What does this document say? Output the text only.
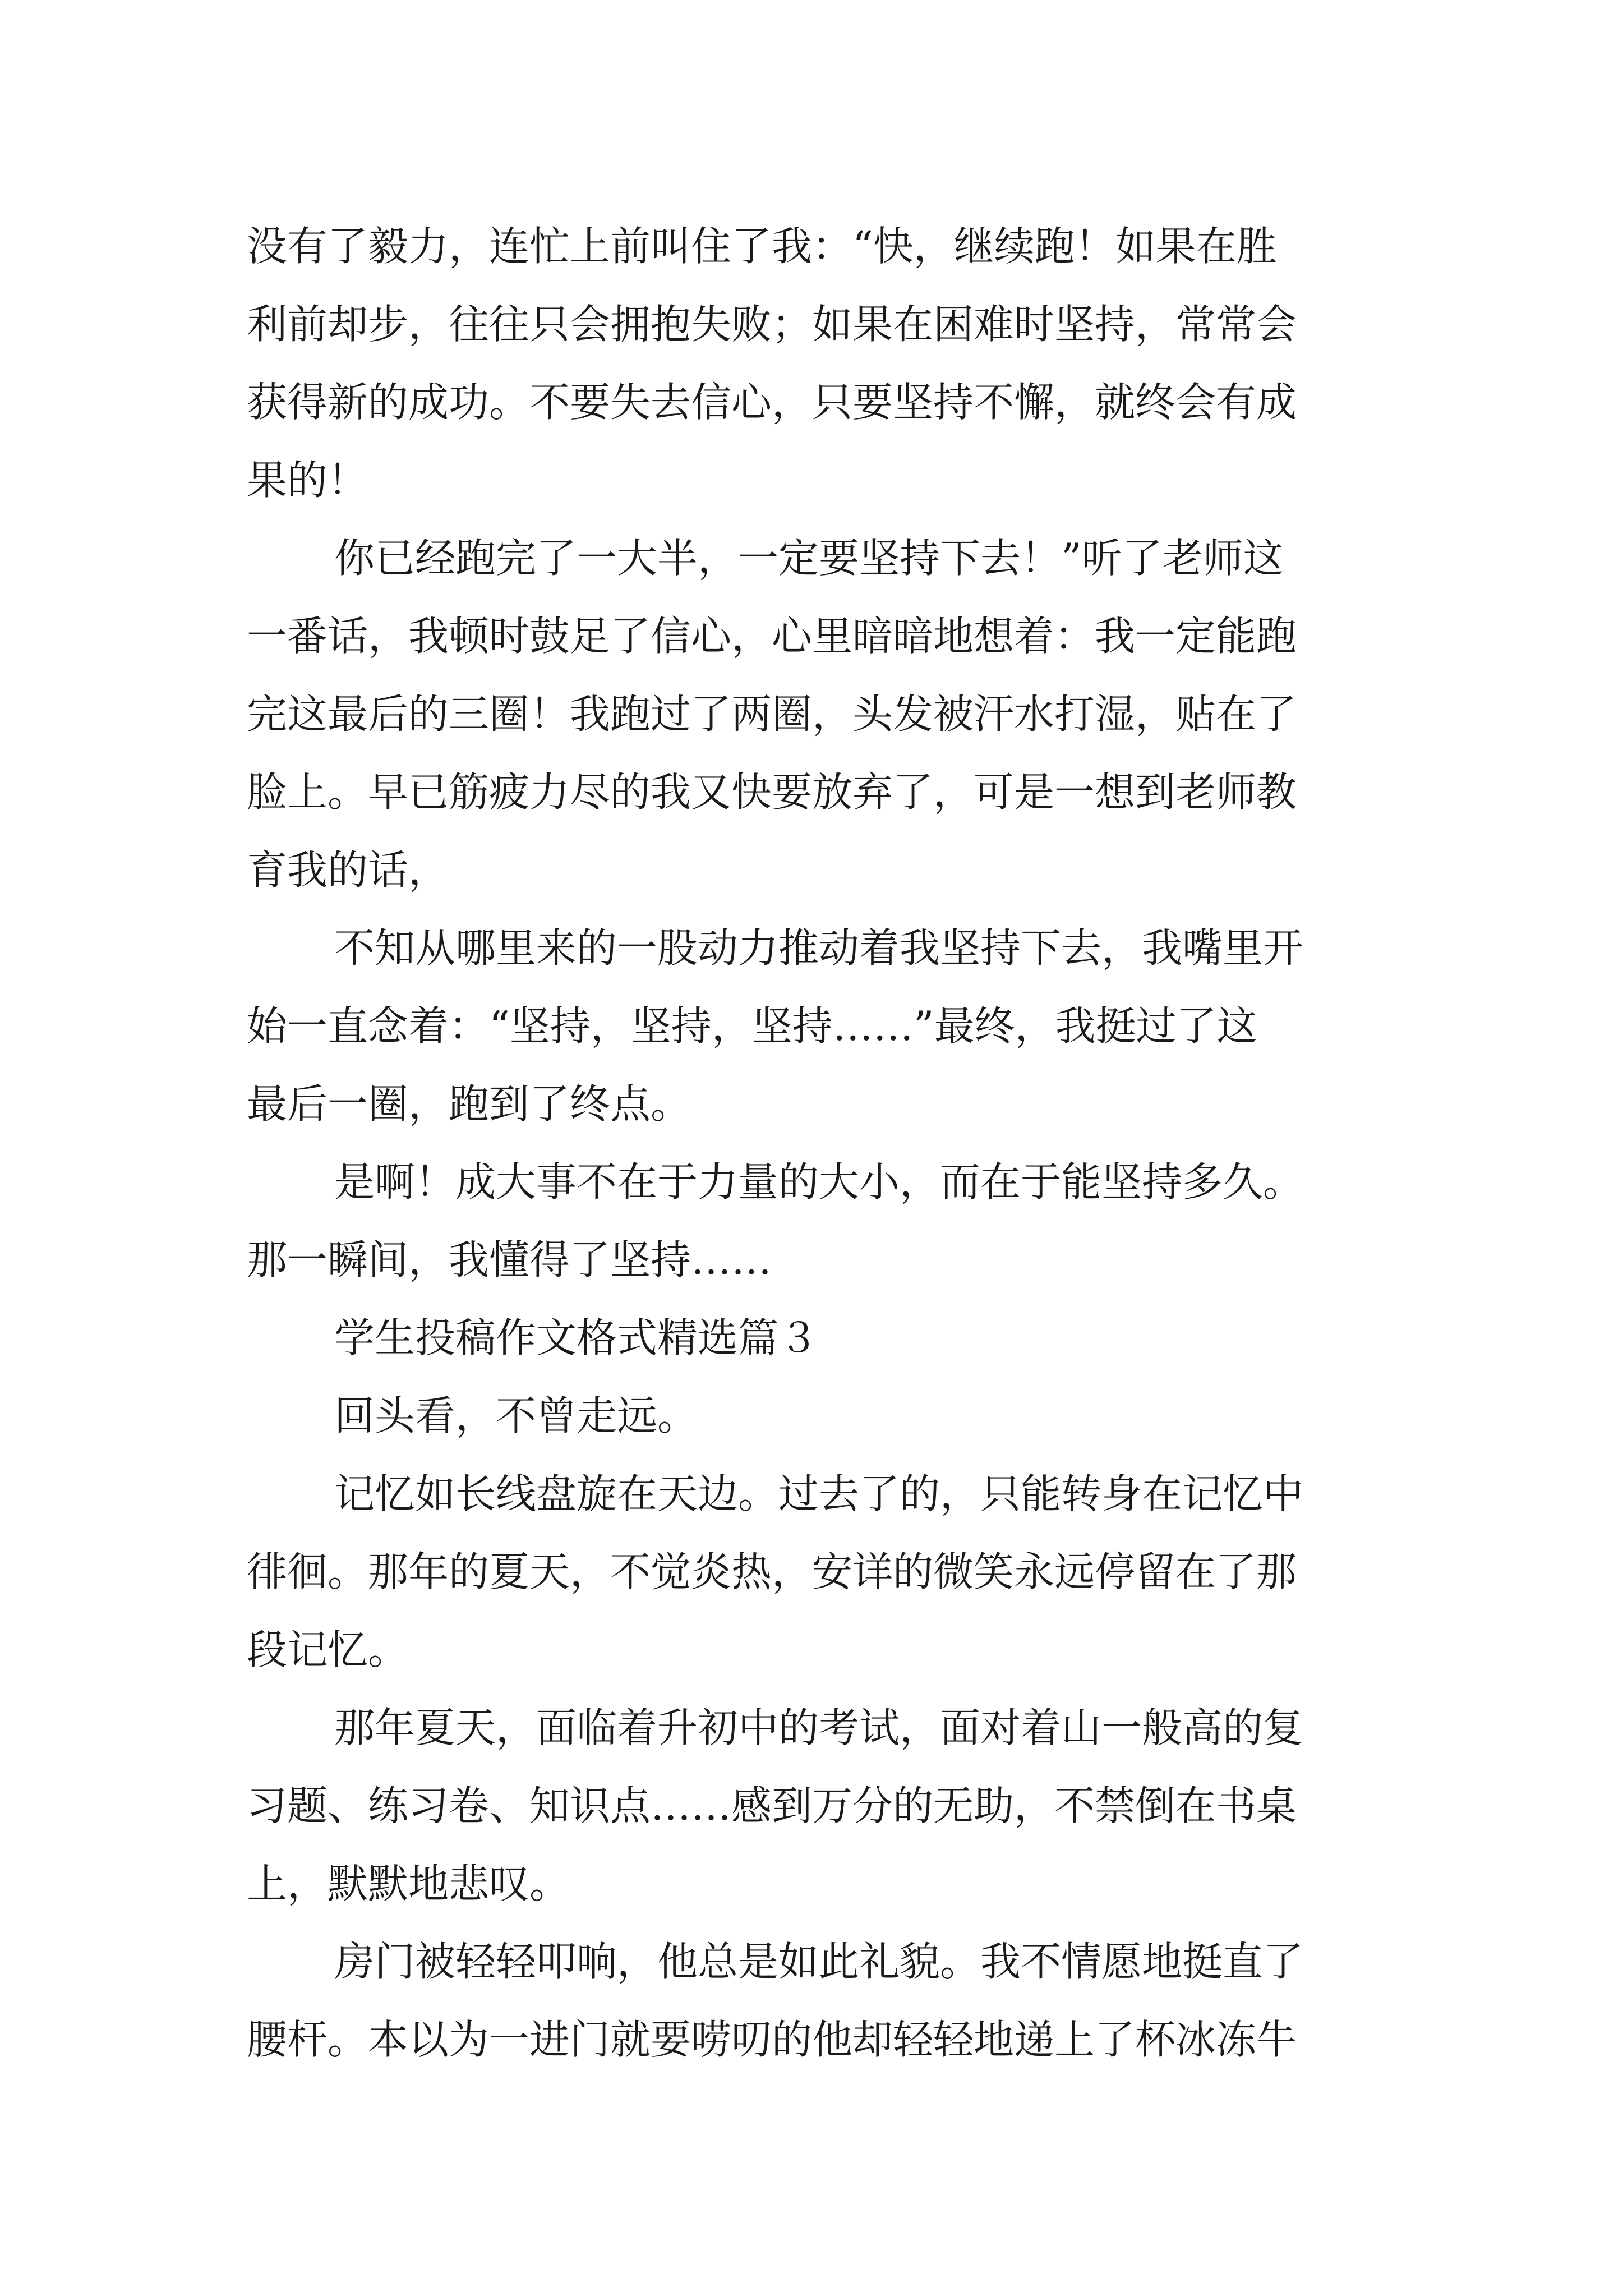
没有了毅力，连忙上前叫住了我：“快，继续跑！如果在胜
利前却步，往往只会拥抱失败；如果在困难时坚持，常常会
获得新的成功。不要失去信心，只要坚持不懈，就终会有成
果的！
你已经跑完了一大半，一定要坚持下去！”听了老师这
一番话，我顿时鼓足了信心，心里暗暗地想着：我一定能跑
完这最后的三圈！我跑过了两圈，头发被汗水打湿，贴在了
脸上。早已筋疲力尽的我又快要放弃了，可是一想到老师教
育我的话，
不知从哪里来的一股动力推动着我坚持下去，我嘴里开
始一直念着：“坚持，坚持，坚持……”最终，我挺过了这
最后一圈，跑到了终点。
是啊！成大事不在于力量的大小，而在于能坚持多久。
那一瞬间，我懂得了坚持……
学生投稿作文格式精选篇３
回头看，不曾走远。
记忆如长线盘旋在天边。过去了的，只能转身在记忆中
徘徊。那年的夏天，不觉炎热，安详的微笑永远停留在了那
段记忆。
那年夏天，面临着升初中的考试，面对着山一般高的复
习题、练习卷、知识点……感到万分的无助，不禁倒在书桌
上，默默地悲叹。
房门被轻轻叩响，他总是如此礼貌。我不情愿地挺直了
腰杆。本以为一进门就要唠叨的他却轻轻地递上了杯冰冻牛
